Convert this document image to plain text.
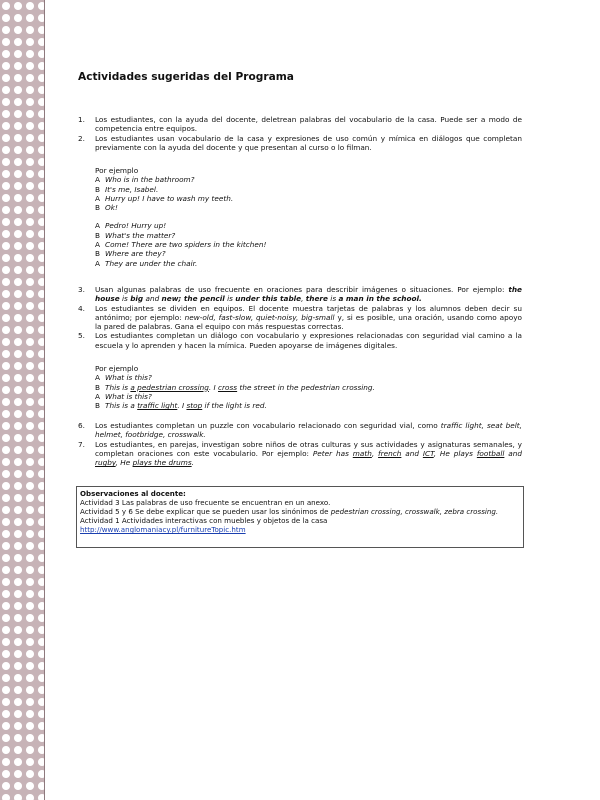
Actividades sugeridas del Programa
1. Los estudiantes, con la ayuda del docente, deletrean palabras del vocabulario de la casa. Puede ser a modo de competencia entre equipos.
2. Los estudiantes usan vocabulario de la casa y expresiones de uso común y mímica en diálogos que completan previamente con la ayuda del docente y que presentan al curso o lo filman.
Por ejemplo
A Who is in the bathroom?
B It's me, Isabel.
A Hurry up! I have to wash my teeth.
B Ok!
A Pedro! Hurry up!
B What's the matter?
A Come! There are two spiders in the kitchen!
B Where are they?
A They are under the chair.
3. Usan algunas palabras de uso frecuente en oraciones para describir imágenes o situaciones. Por ejemplo: the house is big and new; the pencil is under this table, there is a man in the school.
4. Los estudiantes se dividen en equipos. El docente muestra tarjetas de palabras y los alumnos deben decir su antónimo; por ejemplo: new-old, fast-slow, quiet-noisy, big-small y, si es posible, una oración, usando como apoyo la pared de palabras. Gana el equipo con más respuestas correctas.
5. Los estudiantes completan un diálogo con vocabulario y expresiones relacionadas con seguridad vial camino a la escuela y lo aprenden y hacen la mímica. Pueden apoyarse de imágenes digitales.
Por ejemplo
A What is this?
B This is a pedestrian crossing. I cross the street in the pedestrian crossing.
A What is this?
B This is a traffic light. I stop if the light is red.
6. Los estudiantes completan un puzzle con vocabulario relacionado con seguridad vial, como traffic light, seat belt, helmet, footbridge, crosswalk.
7. Los estudiantes, en parejas, investigan sobre niños de otras culturas y sus actividades y asignaturas semanales, y completan oraciones con este vocabulario. Por ejemplo: Peter has math, french and ICT, He plays football and rugby, He plays the drums.
Observaciones al docente:
Actividad 3 Las palabras de uso frecuente se encuentran en un anexo.
Actividad 5 y 6 Se debe explicar que se pueden usar los sinónimos de pedestrian crossing, crosswalk, zebra crossing.
Actividad 1 Actividades interactivas con muebles y objetos de la casa
http://www.anglomaniacy.pl/furnitureTopic.htm
